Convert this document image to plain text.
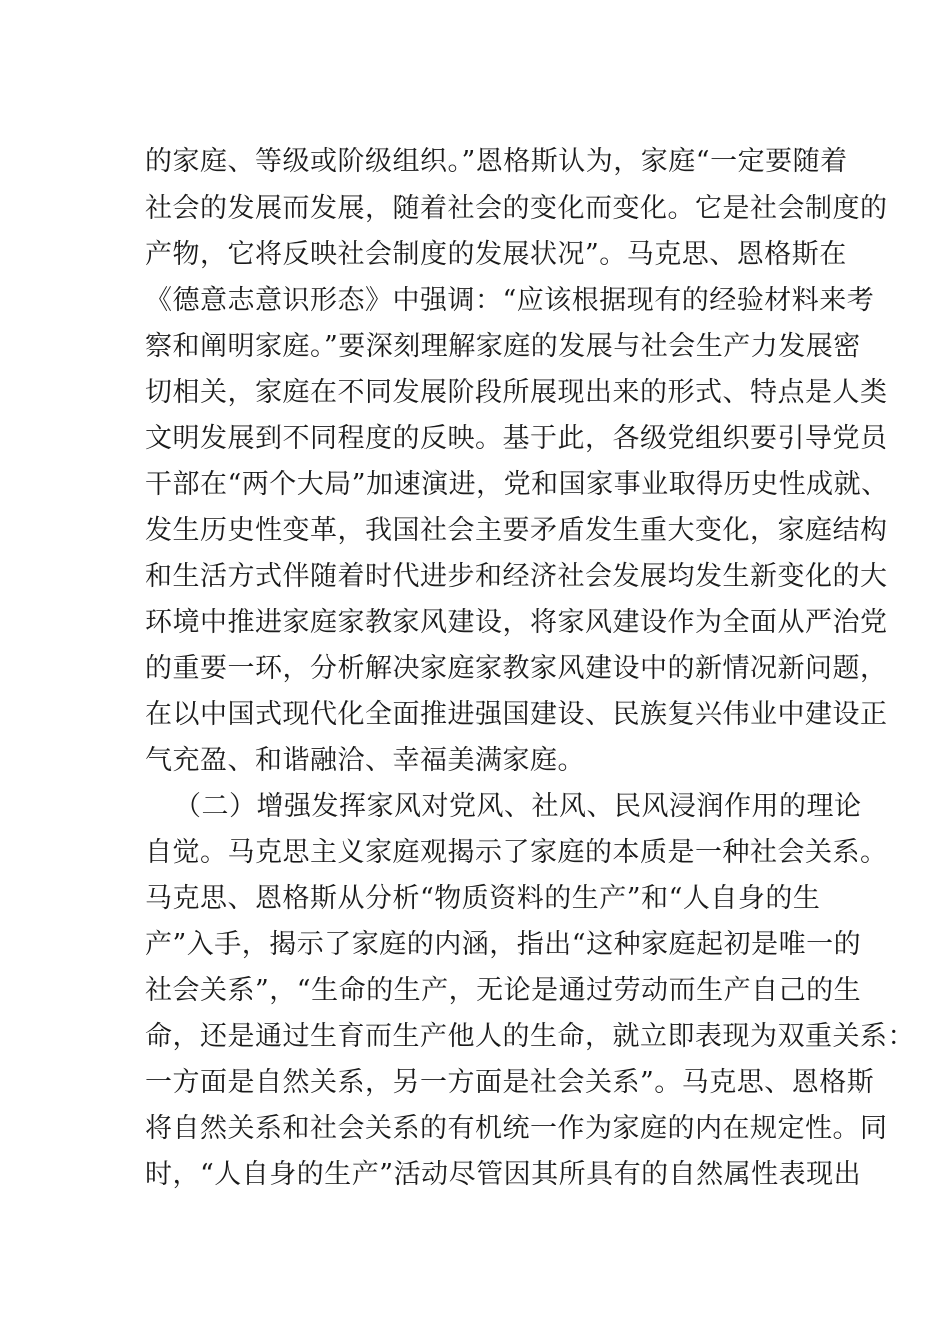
的家庭、等级或阶级组织。”恩格斯认为，家庭“一定要随着
社会的发展而发展，随着社会的变化而变化。它是社会制度的
产物，它将反映社会制度的发展状况”。马克思、恩格斯在
《德意志意识形态》中强调：“应该根据现有的经验材料来考
察和阐明家庭。”要深刻理解家庭的发展与社会生产力发展密
切相关，家庭在不同发展阶段所展现出来的形式、特点是人类
文明发展到不同程度的反映。基于此，各级党组织要引导党员
干部在“两个大局”加速演进，党和国家事业取得历史性成就、
发生历史性变革，我国社会主要矛盾发生重大变化，家庭结构
和生活方式伴随着时代进步和经济社会发展均发生新变化的大
环境中推进家庭家教家风建设，将家风建设作为全面从严治党
的重要一环，分析解决家庭家教家风建设中的新情况新问题，
在以中国式现代化全面推进强国建设、民族复兴伟业中建设正
气充盈、和谐融洽、幸福美满家庭。
（二）增强发挥家风对党风、社风、民风浸润作用的理论
自觉。马克思主义家庭观揭示了家庭的本质是一种社会关系。
马克思、恩格斯从分析“物质资料的生产”和“人自身的生
产”入手，揭示了家庭的内涵，指出“这种家庭起初是唯一的
社会关系”，“生命的生产，无论是通过劳动而生产自己的生
命，还是通过生育而生产他人的生命，就立即表现为双重关系：
一方面是自然关系，另一方面是社会关系”。马克思、恩格斯
将自然关系和社会关系的有机统一作为家庭的内在规定性。同
时，“人自身的生产”活动尽管因其所具有的自然属性表现出
